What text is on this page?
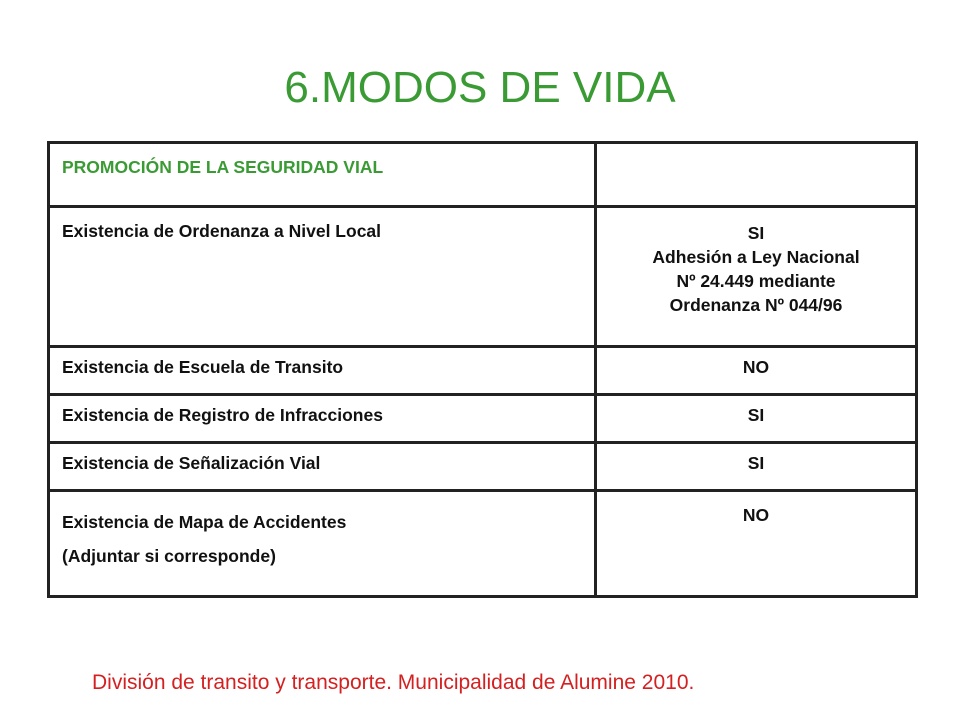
6.MODOS DE VIDA
PROMOCIÓN DE LA SEGURIDAD VIAL	
Existencia de Ordenanza a Nivel Local	SI
Adhesión a Ley Nacional
Nº 24.449 mediante
Ordenanza Nº 044/96

Existencia de Escuela de Transito	NO
Existencia de Registro de Infracciones	SI
Existencia de Señalización Vial	SI

Existencia de Mapa de Accidentes
(Adjuntar si corresponde)	NO
División de transito y transporte. Municipalidad de Alumine 2010.
